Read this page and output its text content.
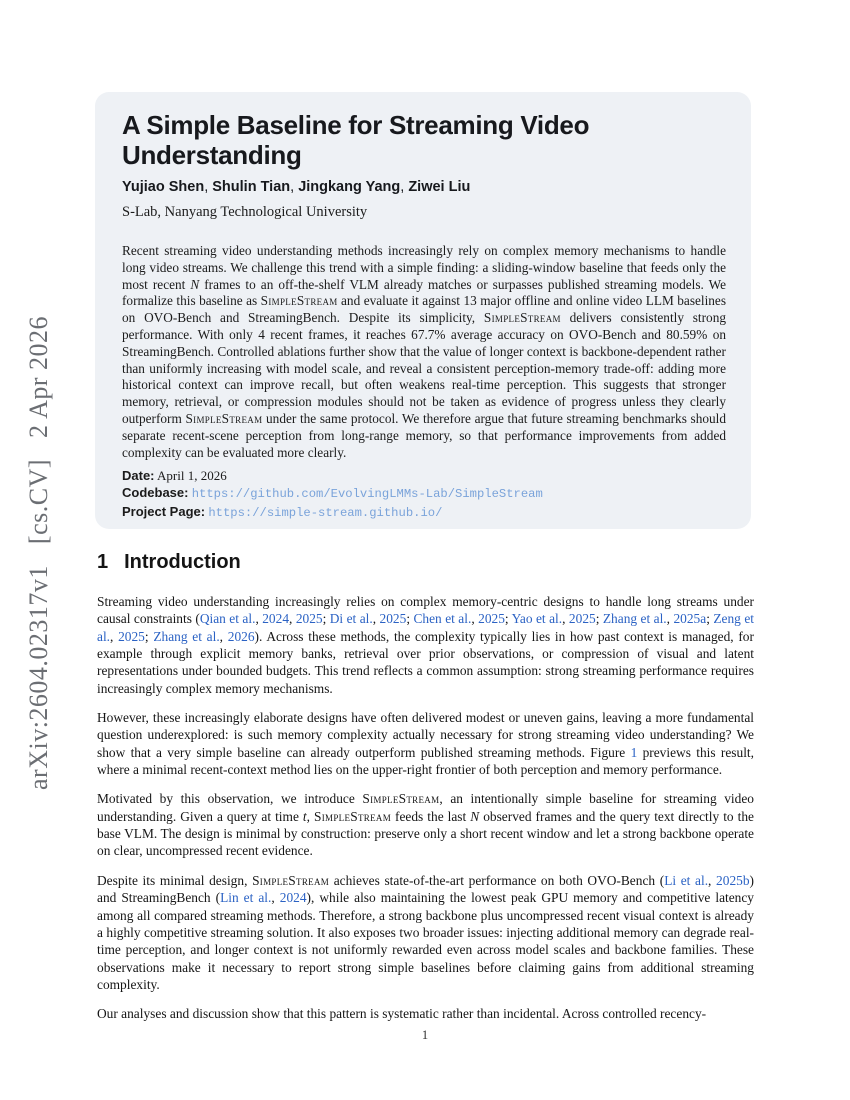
arXiv:2604.02317v1[cs.CV]2 Apr 2026
A Simple Baseline for Streaming Video Understanding
Yujiao Shen, Shulin Tian, Jingkang Yang, Ziwei Liu
S-Lab, Nanyang Technological University
Recent streaming video understanding methods increasingly rely on complex memory mechanisms to handle long video streams. We challenge this trend with a simple finding: a sliding-window baseline that feeds only the most recent N frames to an off-the-shelf VLM already matches or surpasses published streaming models. We formalize this baseline as SimpleStream and evaluate it against 13 major offline and online video LLM baselines on OVO-Bench and StreamingBench. Despite its simplicity, SimpleStream delivers consistently strong performance. With only 4 recent frames, it reaches 67.7% average accuracy on OVO-Bench and 80.59% on StreamingBench. Controlled ablations further show that the value of longer context is backbone-dependent rather than uniformly increasing with model scale, and reveal a consistent perception-memory trade-off: adding more historical context can improve recall, but often weakens real-time perception. This suggests that stronger memory, retrieval, or compression modules should not be taken as evidence of progress unless they clearly outperform SimpleStream under the same protocol. We therefore argue that future streaming benchmarks should separate recent-scene perception from long-range memory, so that performance improvements from added complexity can be evaluated more clearly.
Date: April 1, 2026
Codebase: https://github.com/EvolvingLMMs-Lab/SimpleStream
Project Page: https://simple-stream.github.io/
1 Introduction

Streaming video understanding increasingly relies on complex memory-centric designs to handle long streams under causal constraints (Qian et al., 2024, 2025; Di et al., 2025; Chen et al., 2025; Yao et al., 2025; Zhang et al., 2025a; Zeng et al., 2025; Zhang et al., 2026). Across these methods, the complexity typically lies in how past context is managed, for example through explicit memory banks, retrieval over prior observations, or compression of visual and latent representations under bounded budgets. This trend reflects a common assumption: strong streaming performance requires increasingly complex memory mechanisms.

However, these increasingly elaborate designs have often delivered modest or uneven gains, leaving a more fundamental question underexplored: is such memory complexity actually necessary for strong streaming video understanding? We show that a very simple baseline can already outperform published streaming methods. Figure 1 previews this result, where a minimal recent-context method lies on the upper-right frontier of both perception and memory performance.

Motivated by this observation, we introduce SimpleStream, an intentionally simple baseline for streaming video understanding. Given a query at time t, SimpleStream feeds the last N observed frames and the query text directly to the base VLM. The design is minimal by construction: preserve only a short recent window and let a strong backbone operate on clear, uncompressed recent evidence.

Despite its minimal design, SimpleStream achieves state-of-the-art performance on both OVO-Bench (Li et al., 2025b) and StreamingBench (Lin et al., 2024), while also maintaining the lowest peak GPU memory and competitive latency among all compared streaming methods. Therefore, a strong backbone plus uncompressed recent visual context is already a highly competitive streaming solution. It also exposes two broader issues: injecting additional memory can degrade real-time perception, and longer context is not uniformly rewarded even across model scales and backbone families. These observations make it necessary to report strong simple baselines before claiming gains from additional streaming complexity.

Our analyses and discussion show that this pattern is systematic rather than incidental. Across controlled recency-

1
